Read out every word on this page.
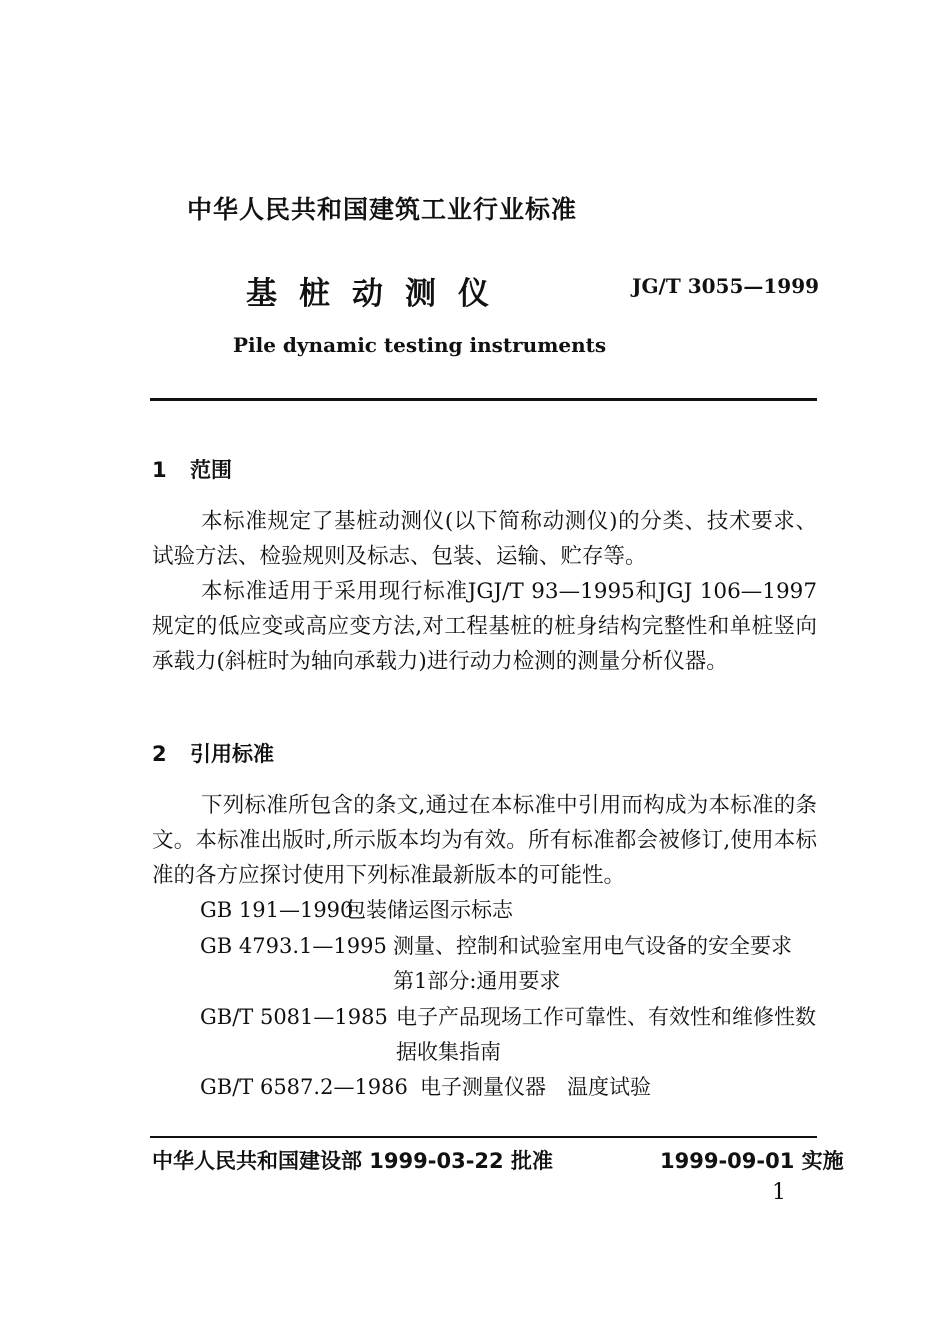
中华人民共和国建筑工业行业标准
基桩动测仪	JG/T 3055—1999
Pile dynamic testing instruments
1 范围

本标准规定了基桩动测仪(以下简称动测仪)的分类、技术要求、试验方法、检验规则及标志、包装、运输、贮存等。

本标准适用于采用现行标准JGJ/T 93—1995和JGJ 106—1997规定的低应变或高应变方法,对工程基桩的桩身结构完整性和单桩竖向承载力(斜桩时为轴向承载力)进行动力检测的测量分析仪器。

2 引用标准

下列标准所包含的条文,通过在本标准中引用而构成为本标准的条文。本标准出版时,所示版本均为有效。所有标准都会被修订,使用本标准的各方应探讨使用下列标准最新版本的可能性。

GB 191—1990
包装储运图示标志
GB 4793.1—1995 测量、控制和试验室用电气设备的安全要求　第1部分:通用要求
GB/T 5081—1985 电子产品现场工作可靠性、有效性和维修性数据收集指南
GB/T 6587.2—1986 电子测量仪器　温度试验
中华人民共和国建设部 1999-03-22 批准	1999-09-01 实施
1
